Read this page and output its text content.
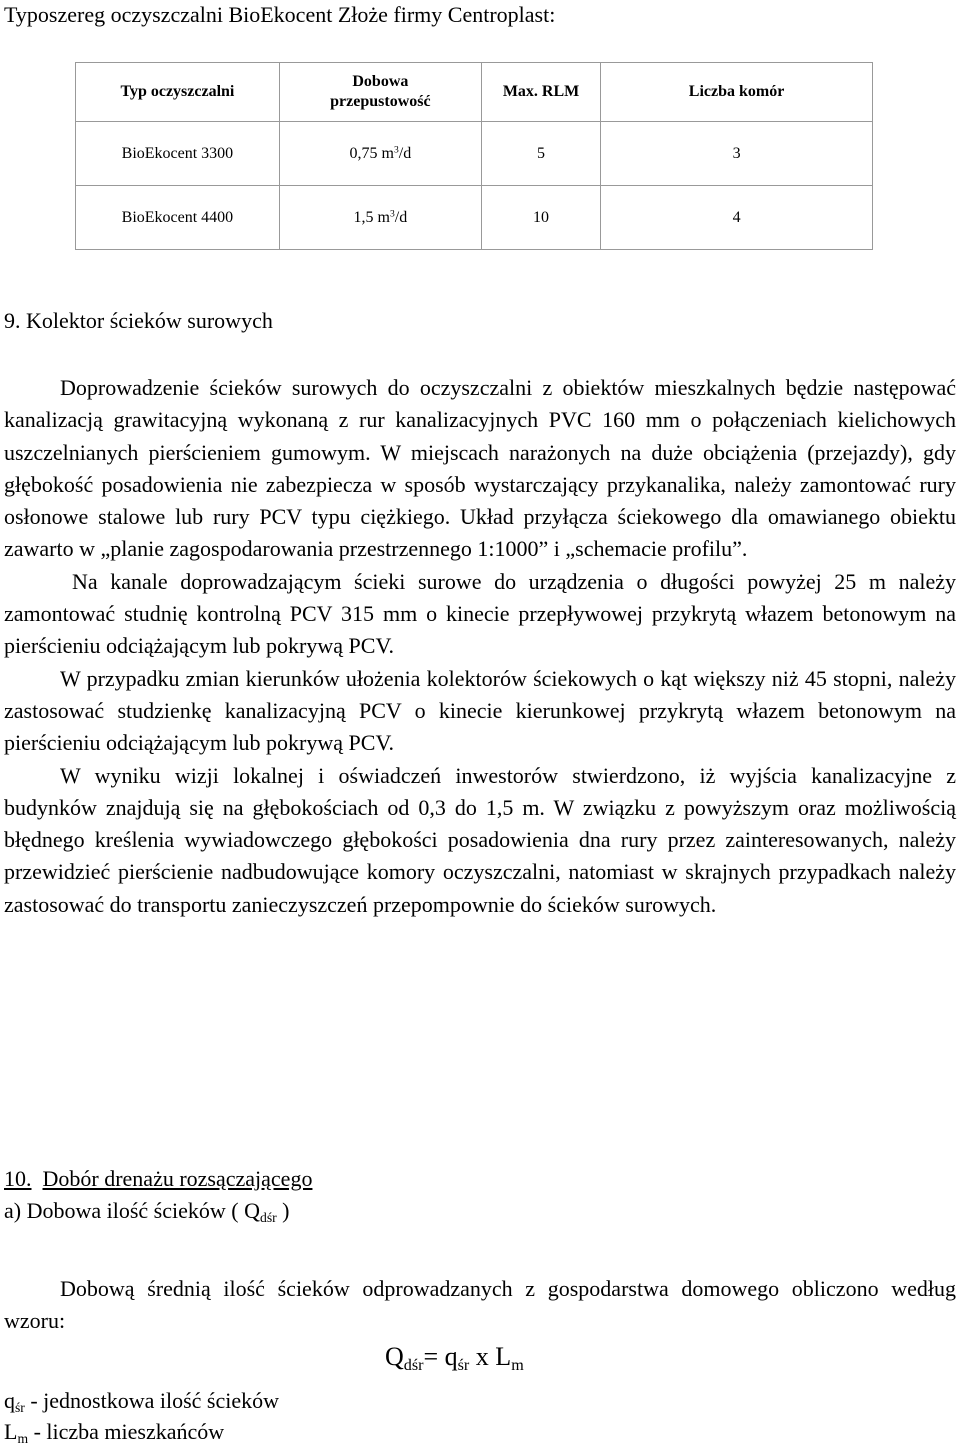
Typoszereg oczyszczalni BioEkocent Złoże firmy Centroplast:
Typ oczyszczalni	Dobowa przepustowość	Max. RLM	Liczba komór
BioEkocent 3300	0,75 $m^3/d$	5	3
BioEkocent 4400	1,5 $m^3/d$	10	4
9. Kolektor ścieków surowych

Doprowadzenie ścieków surowych do oczyszczalni z obiektów mieszkalnych będzie następować kanalizacją grawitacyjną wykonaną z rur kanalizacyjnych PVC 160 mm o połączeniach kielichowych uszczelnianych pierścieniem gumowym. W miejscach narażonych na duże obciążenia (przejazdy), gdy głębokość posadowienia nie zabezpiecza w sposób wystarczający przykanalika, należy zamontować rury osłonowe stalowe lub rury PCV typu ciężkiego. Układ przyłącza ściekowego dla omawianego obiektu zawarto w „planie zagospodarowania przestrzennego 1:1000” i „schemacie profilu”.

Na kanale doprowadzającym ścieki surowe do urządzenia o długości powyżej 25 m należy zamontować studnię kontrolną PCV 315 mm o kinecie przepływowej przykrytą włazem betonowym na pierścieniu odciążającym lub pokrywą PCV.

W przypadku zmian kierunków ułożenia kolektorów ściekowych o kąt większy niż 45 stopni, należy zastosować studzienkę kanalizacyjną PCV o kinecie kierunkowej przykrytą włazem betonowym na pierścieniu odciążającym lub pokrywą PCV.

W wyniku wizji lokalnej i oświadczeń inwestorów stwierdzono, iż wyjścia kanalizacyjne z budynków znajdują się na głębokościach od 0,3 do 1,5 m. W związku z powyższym oraz możliwością błędnego kreślenia wywiadowczego głębokości posadowienia dna rury przez zainteresowanych, należy przewidzieć pierścienie nadbudowujące komory oczyszczalni, natomiast w skrajnych przypadkach należy zastosować do transportu zanieczyszczeń przepompownie do ścieków surowych.

10. Dobór drenażu rozsączającego
a) Dobowa ilość ścieków ( $Q_{dśr}$ )

Dobową średnią ilość ścieków odprowadzanych z gospodarstwa domowego obliczono według wzoru:

$Q_{dśr}= q_{śr}$ x $L_m$
$q_{śr}$ - jednostkowa ilość ścieków
$L_m$ - liczba mieszkańców
